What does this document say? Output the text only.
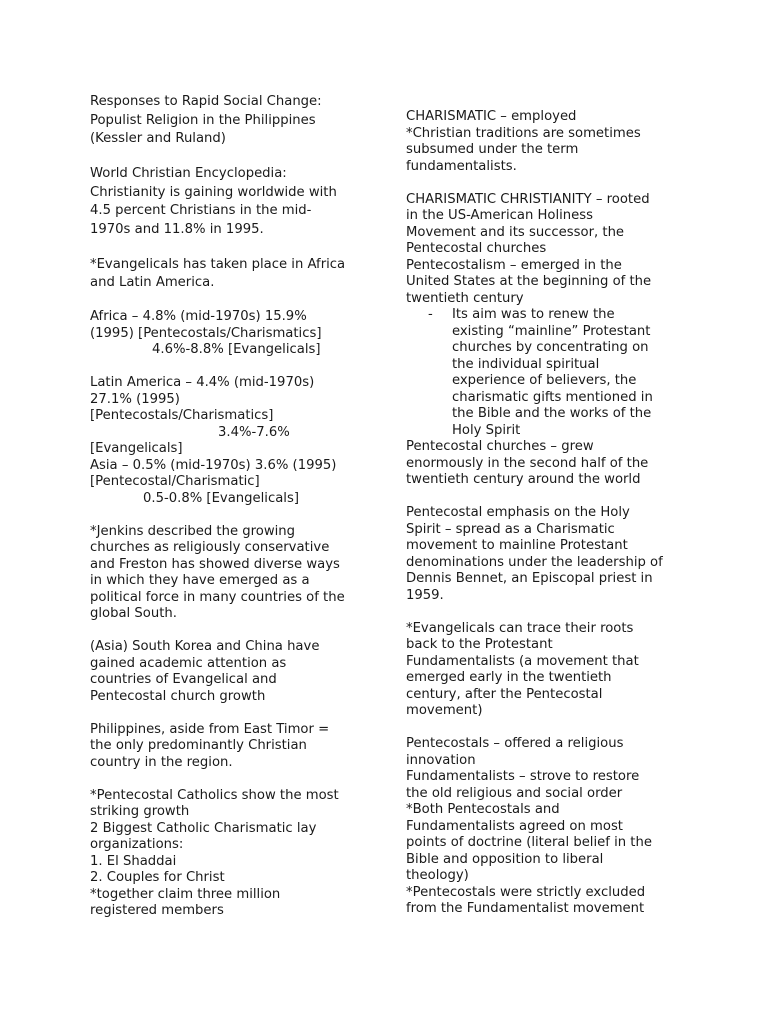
Responses to Rapid Social Change:
Populist Religion in the Philippines
(Kessler and Ruland)
World Christian Encyclopedia:
Christianity is gaining worldwide with
4.5 percent Christians in the mid-
1970s and 11.8% in 1995.
*Evangelicals has taken place in Africa
and Latin America.
Africa – 4.8% (mid-1970s) 15.9%
(1995) [Pentecostals/Charismatics]
4.6%-8.8% [Evangelicals]
Latin America – 4.4% (mid-1970s)
27.1% (1995)
[Pentecostals/Charismatics]
3.4%-7.6%
[Evangelicals]
Asia – 0.5% (mid-1970s) 3.6% (1995)
[Pentecostal/Charismatic]
0.5-0.8% [Evangelicals]
*Jenkins described the growing
churches as religiously conservative
and Freston has showed diverse ways
in which they have emerged as a
political force in many countries of the
global South.
(Asia) South Korea and China have
gained academic attention as
countries of Evangelical and
Pentecostal church growth
Philippines, aside from East Timor =
the only predominantly Christian
country in the region.
*Pentecostal Catholics show the most
striking growth
2 Biggest Catholic Charismatic lay
organizations:
1. El Shaddai
2. Couples for Christ
*together claim three million
registered members
CHARISMATIC – employed
*Christian traditions are sometimes
subsumed under the term
fundamentalists.
CHARISMATIC CHRISTIANITY – rooted
in the US-American Holiness
Movement and its successor, the
Pentecostal churches
Pentecostalism – emerged in the
United States at the beginning of the
twentieth century
- Its aim was to renew the
existing “mainline” Protestant
churches by concentrating on
the individual spiritual
experience of believers, the
charismatic gifts mentioned in
the Bible and the works of the
Holy Spirit
Pentecostal churches – grew
enormously in the second half of the
twentieth century around the world
Pentecostal emphasis on the Holy
Spirit – spread as a Charismatic
movement to mainline Protestant
denominations under the leadership of
Dennis Bennet, an Episcopal priest in
1959.
*Evangelicals can trace their roots
back to the Protestant
Fundamentalists (a movement that
emerged early in the twentieth
century, after the Pentecostal
movement)
Pentecostals – offered a religious
innovation
Fundamentalists – strove to restore
the old religious and social order
*Both Pentecostals and
Fundamentalists agreed on most
points of doctrine (literal belief in the
Bible and opposition to liberal
theology)
*Pentecostals were strictly excluded
from the Fundamentalist movement
